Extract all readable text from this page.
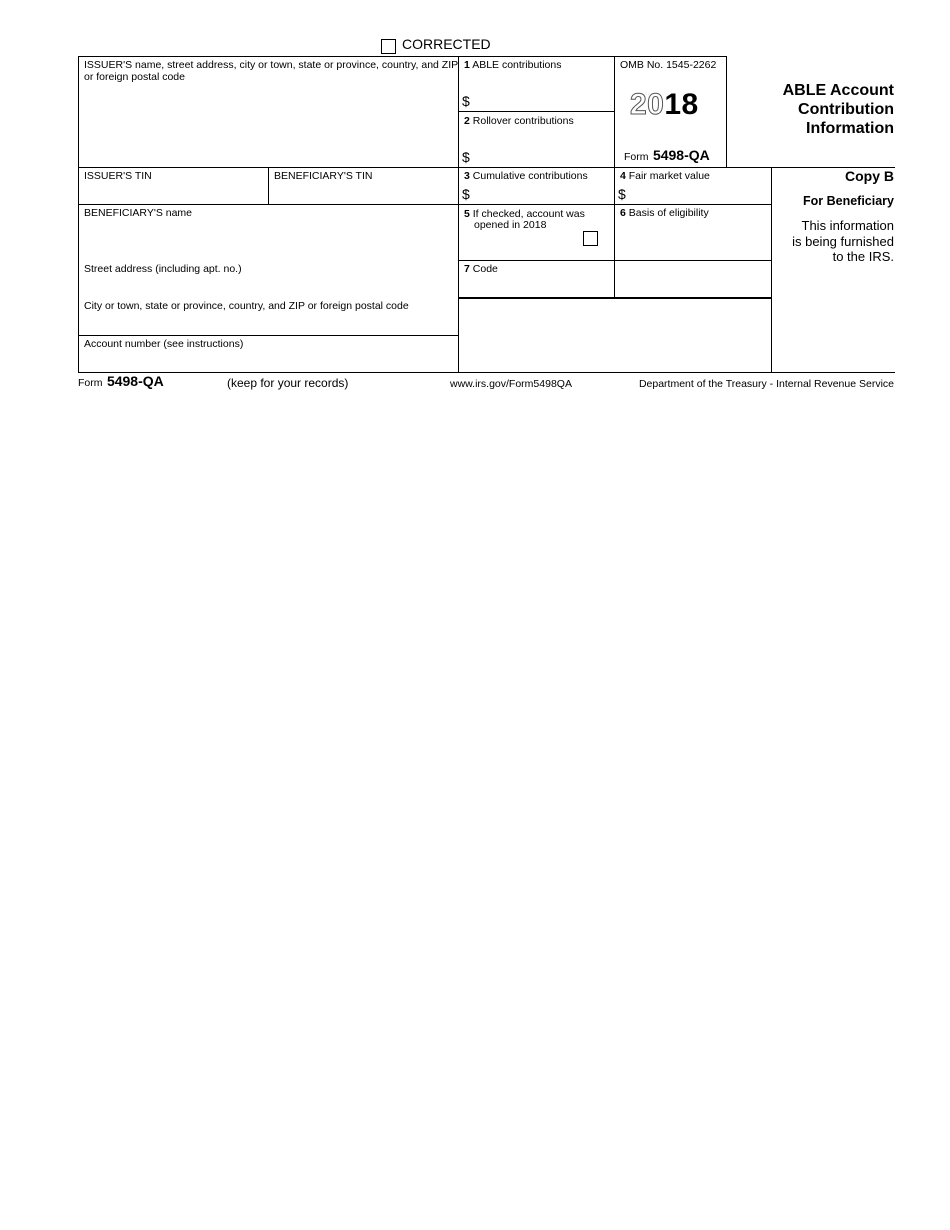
CORRECTED
ISSUER'S name, street address, city or town, state or province, country, and ZIP or foreign postal code
ISSUER'S TIN	BENEFICIARY'S TIN
BENEFICIARY'S name
Street address (including apt. no.)
City or town, state or province, country, and ZIP or foreign postal code
Account number (see instructions)
1 ABLE contributions
$
2 Rollover contributions
$
OMB No. 1545-2262
2018
Form 5498-QA
ABLE Account
Contribution
Information
3 Cumulative contributions
$
4 Fair market value
$
5 If checked, account was
opened in 2018
6 Basis of eligibility
7 Code
Copy B
For Beneficiary
This information
is being furnished
to the IRS.
Form 5498-QA	(keep for your records)	www.irs.gov/Form5498QA	Department of the Treasury - Internal Revenue Service
